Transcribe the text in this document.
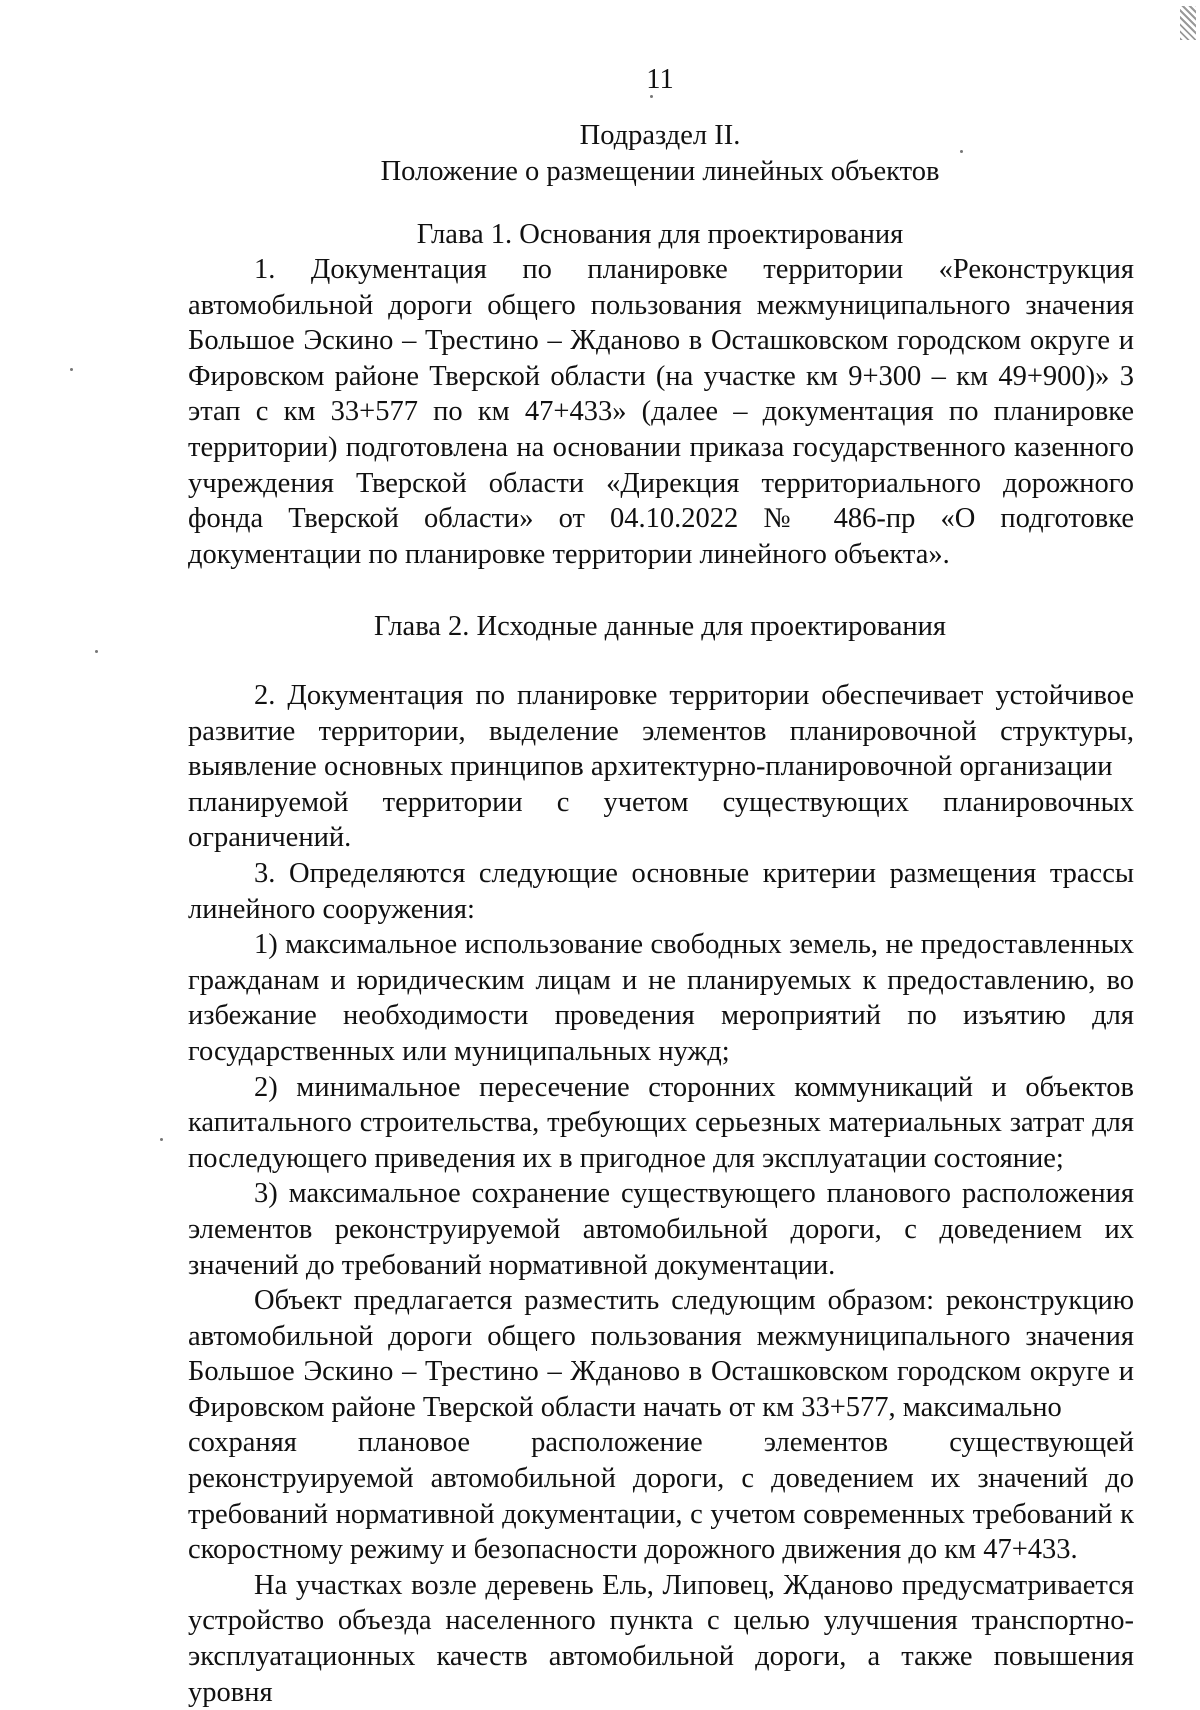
11
Подраздел II.
Положение о размещении линейных объектов
Глава 1. Основания для проектирования

1. Документация по планировке территории «Реконструкция автомобильной дороги общего пользования межмуниципального значения Большое Эскино – Трестино – Жданово в Осташковском городском округе и Фировском районе Тверской области (на участке км 9+300 – км 49+900)» 3 этап с км 33+577 по км 47+433» (далее – документация по планировке территории) подготовлена на основании приказа государственного казенного учреждения Тверской области «Дирекция территориального дорожного фонда Тверской области» от 04.10.2022 № 486-пр «О подготовке документации по планировке территории линейного объекта».

Глава 2. Исходные данные для проектирования

2. Документация по планировке территории обеспечивает устойчивое развитие территории, выделение элементов планировочной структуры, выявление основных принципов архитектурно-планировочной организации

планируемой территории с учетом существующих планировочных

ограничений.

3. Определяются следующие основные критерии размещения трассы линейного сооружения:

1) максимальное использование свободных земель, не предоставленных гражданам и юридическим лицам и не планируемых к предоставлению, во избежание необходимости проведения мероприятий по изъятию для государственных или муниципальных нужд;

2) минимальное пересечение сторонних коммуникаций и объектов капитального строительства, требующих серьезных материальных затрат для последующего приведения их в пригодное для эксплуатации состояние;

3) максимальное сохранение существующего планового расположения элементов реконструируемой автомобильной дороги, с доведением их значений до требований нормативной документации.

Объект предлагается разместить следующим образом: реконструкцию автомобильной дороги общего пользования межмуниципального значения Большое Эскино – Трестино – Жданово в Осташковском городском округе и Фировском районе Тверской области начать от км 33+577, максимально

сохраняя плановое расположение элементов существующей

реконструируемой автомобильной дороги, с доведением их значений до требований нормативной документации, с учетом современных требований к скоростному режиму и безопасности дорожного движения до км 47+433.

На участках возле деревень Ель, Липовец, Жданово предусматривается устройство объезда населенного пункта с целью улучшения транспортно-эксплуатационных качеств автомобильной дороги, а также повышения уровня
